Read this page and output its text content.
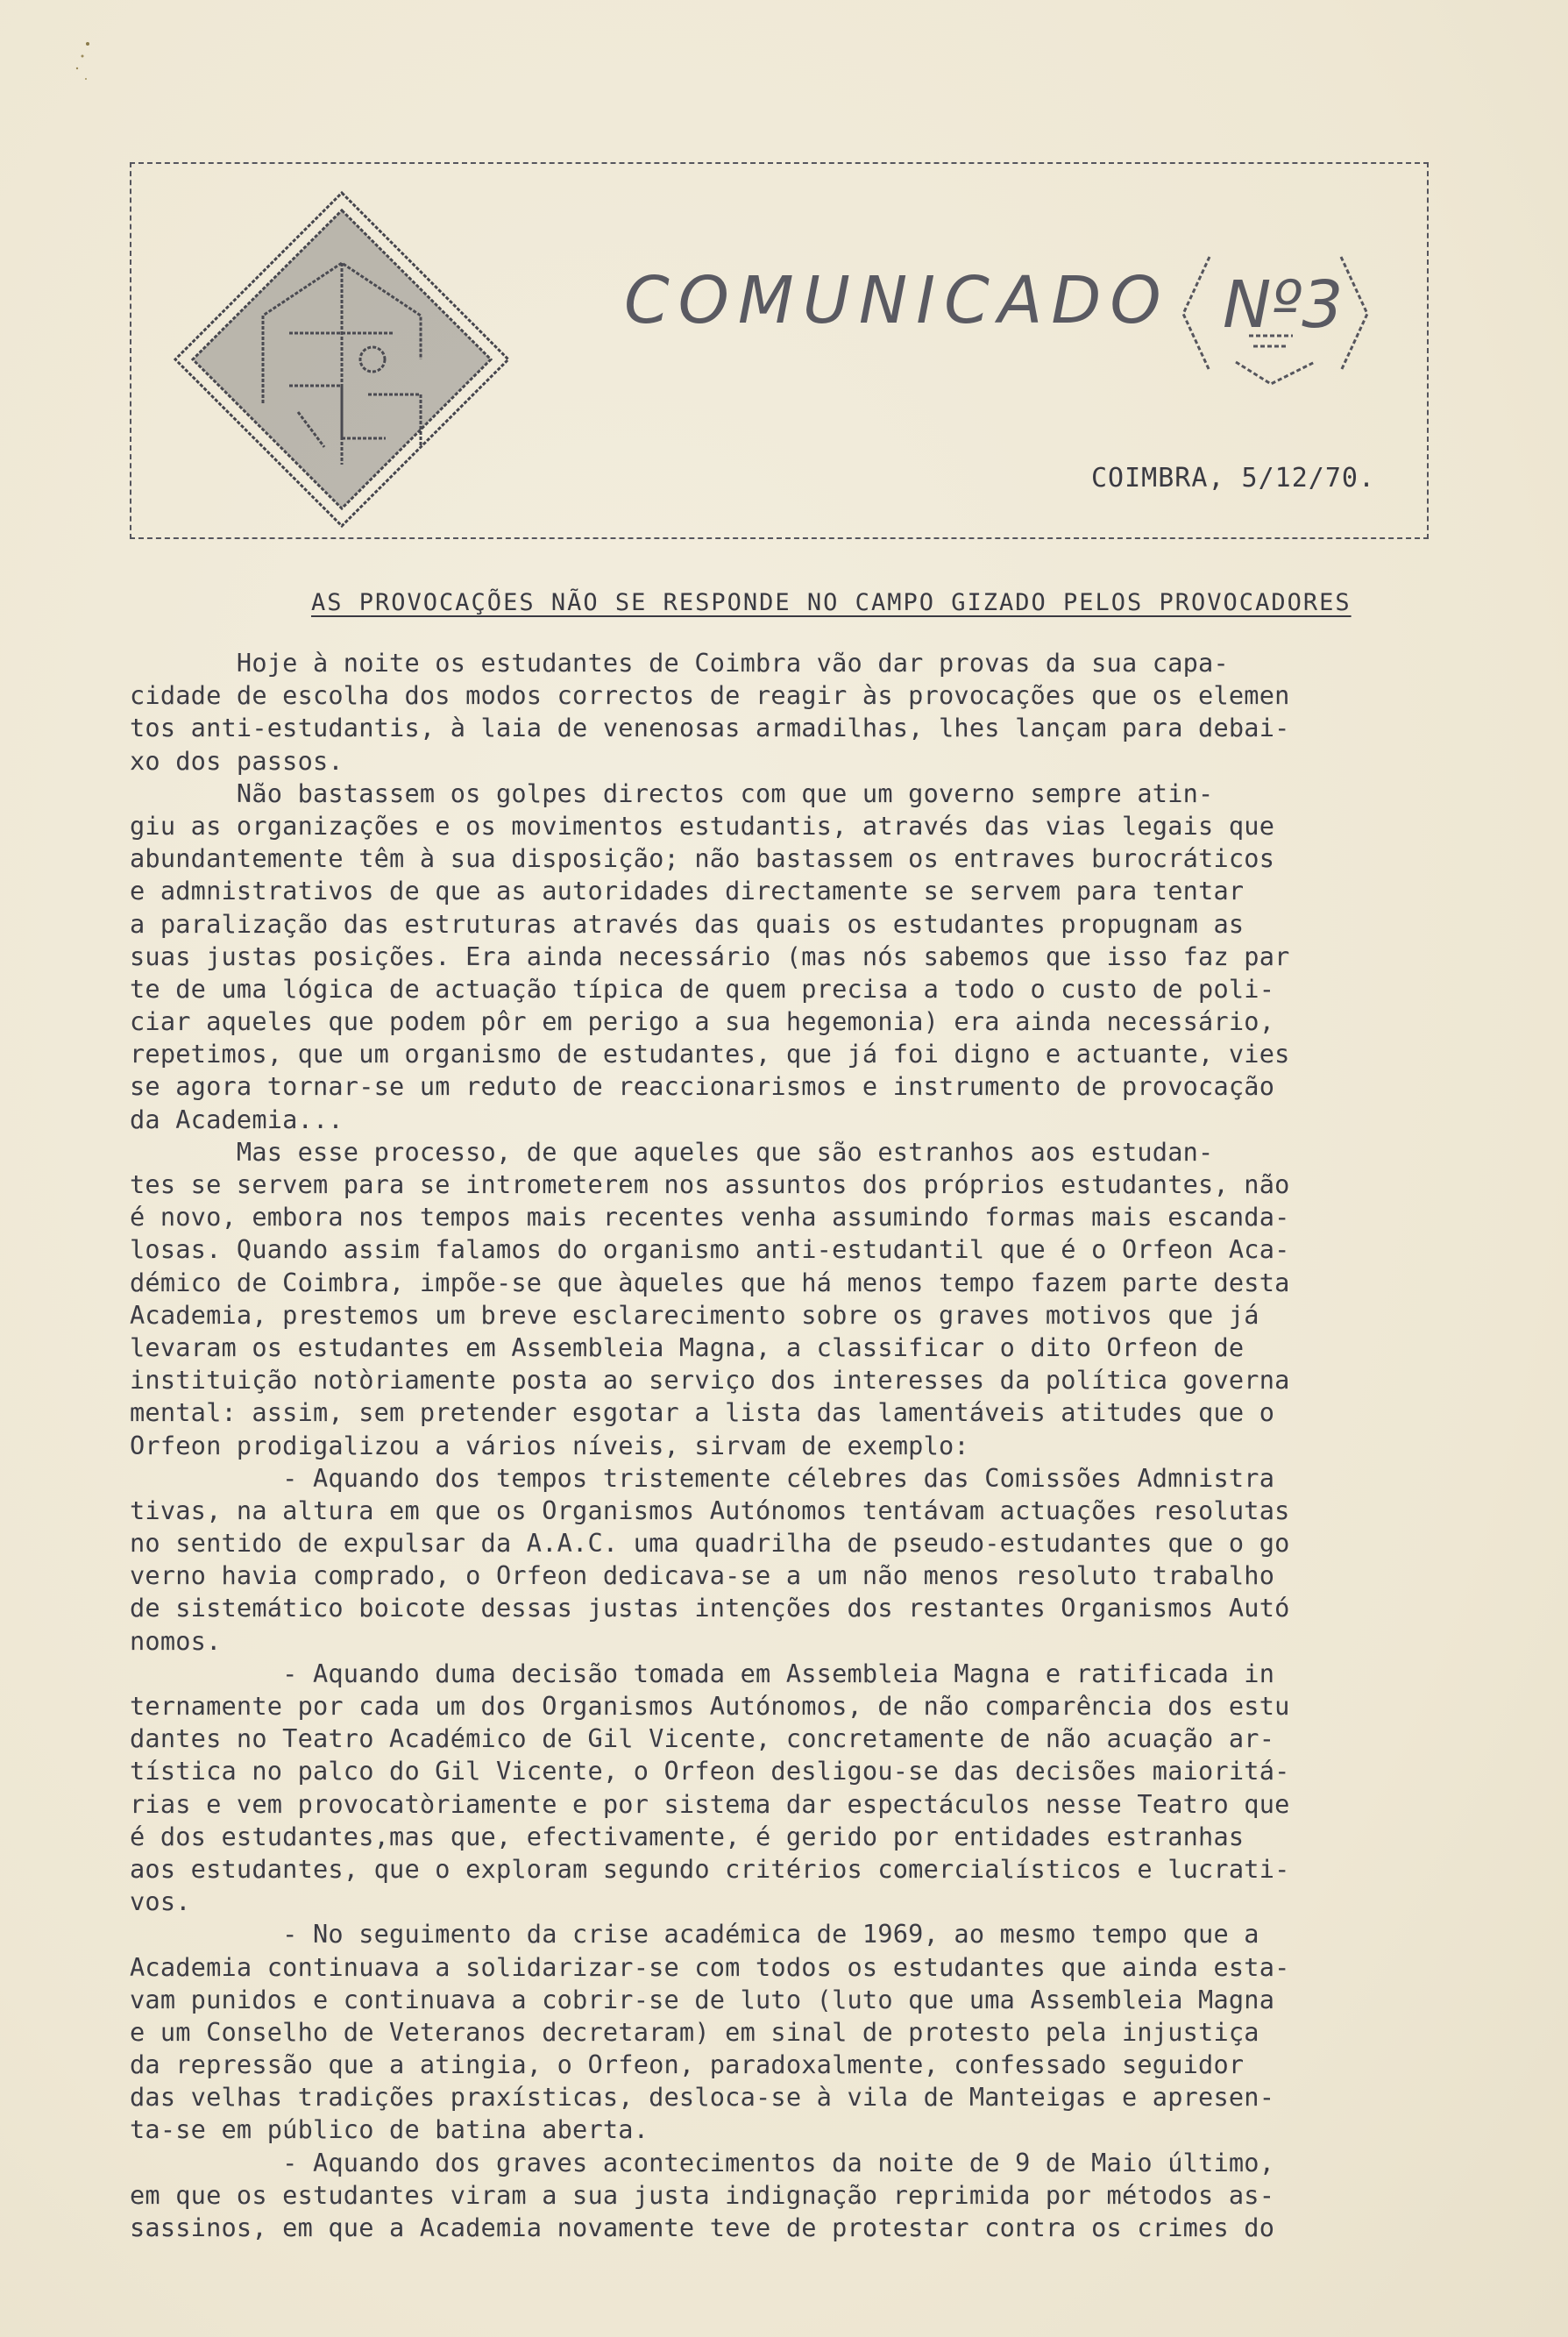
COMUNICADO Nº3
COIMBRA, 5/12/70.
AS PROVOCAÇÕES NÃO SE RESPONDE NO CAMPO GIZADO PELOS PROVOCADORES
Hoje à noite os estudantes de Coimbra vão dar provas da sua capa-
cidade de escolha dos modos correctos de reagir às provocações que os elemen
tos anti-estudantis, à laia de venenosas armadilhas, lhes lançam para debai-
xo dos passos.
Não bastassem os golpes directos com que um governo sempre atin-
giu as organizações e os movimentos estudantis, através das vias legais que
abundantemente têm à sua disposição; não bastassem os entraves burocráticos
e admnistrativos de que as autoridades directamente se servem para tentar
a paralização das estruturas através das quais os estudantes propugnam as
suas justas posições. Era ainda necessário (mas nós sabemos que isso faz par
te de uma lógica de actuação típica de quem precisa a todo o custo de poli-
ciar aqueles que podem pôr em perigo a sua hegemonia) era ainda necessário,
repetimos, que um organismo de estudantes, que já foi digno e actuante, vies
se agora tornar-se um reduto de reaccionarismos e instrumento de provocação
da Academia...
Mas esse processo, de que aqueles que são estranhos aos estudan-
tes se servem para se intrometerem nos assuntos dos próprios estudantes, não
é novo, embora nos tempos mais recentes venha assumindo formas mais escanda-
losas. Quando assim falamos do organismo anti-estudantil que é o Orfeon Aca-
démico de Coimbra, impõe-se que àqueles que há menos tempo fazem parte desta
Academia, prestemos um breve esclarecimento sobre os graves motivos que já
levaram os estudantes em Assembleia Magna, a classificar o dito Orfeon de
instituição notòriamente posta ao serviço dos interesses da política governa
mental: assim, sem pretender esgotar a lista das lamentáveis atitudes que o
Orfeon prodigalizou a vários níveis, sirvam de exemplo:
- Aquando dos tempos tristemente célebres das Comissões Admnistra
tivas, na altura em que os Organismos Autónomos tentávam actuações resolutas
no sentido de expulsar da A.A.C. uma quadrilha de pseudo-estudantes que o go
verno havia comprado, o Orfeon dedicava-se a um não menos resoluto trabalho
de sistemático boicote dessas justas intenções dos restantes Organismos Autó
nomos.
- Aquando duma decisão tomada em Assembleia Magna e ratificada in
ternamente por cada um dos Organismos Autónomos, de não comparência dos estu
dantes no Teatro Académico de Gil Vicente, concretamente de não acuação ar-
tística no palco do Gil Vicente, o Orfeon desligou-se das decisões maioritá-
rias e vem provocatòriamente e por sistema dar espectáculos nesse Teatro que
é dos estudantes,mas que, efectivamente, é gerido por entidades estranhas
aos estudantes, que o exploram segundo critérios comercialísticos e lucrati-
vos.
- No seguimento da crise académica de 1969, ao mesmo tempo que a
Academia continuava a solidarizar-se com todos os estudantes que ainda esta-
vam punidos e continuava a cobrir-se de luto (luto que uma Assembleia Magna
e um Conselho de Veteranos decretaram) em sinal de protesto pela injustiça
da repressão que a atingia, o Orfeon, paradoxalmente, confessado seguidor
das velhas tradições praxísticas, desloca-se à vila de Manteigas e apresen-
ta-se em público de batina aberta.
- Aquando dos graves acontecimentos da noite de 9 de Maio último,
em que os estudantes viram a sua justa indignação reprimida por métodos as-
sassinos, em que a Academia novamente teve de protestar contra os crimes do
